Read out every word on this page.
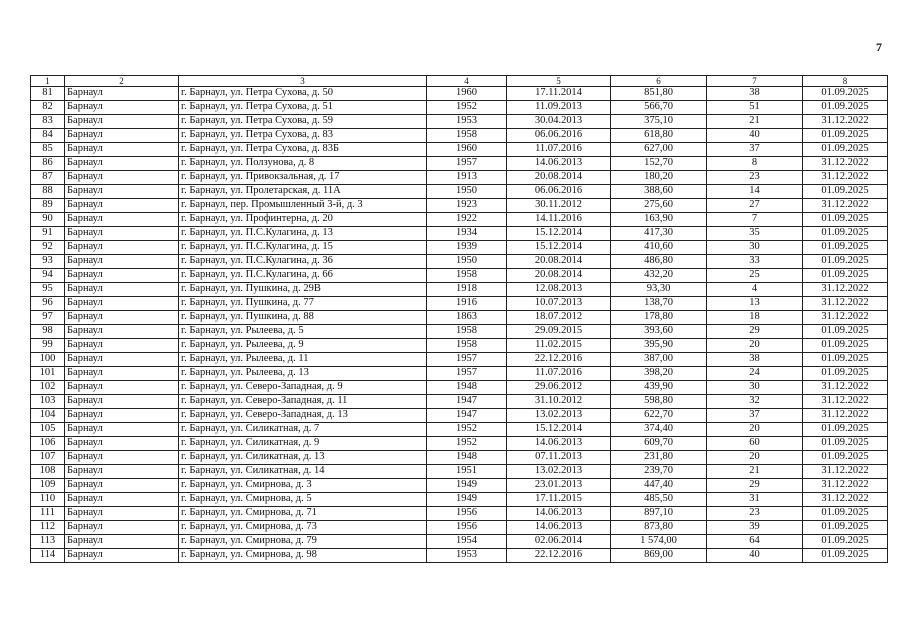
7
1	2	3	4	5	6	7	8
81	Барнаул	г. Барнаул, ул. Петра Сухова, д. 50	1960	17.11.2014	851,80	38	01.09.2025
82	Барнаул	г. Барнаул, ул. Петра Сухова, д. 51	1952	11.09.2013	566,70	51	01.09.2025
83	Барнаул	г. Барнаул, ул. Петра Сухова, д. 59	1953	30.04.2013	375,10	21	31.12.2022
84	Барнаул	г. Барнаул, ул. Петра Сухова, д. 83	1958	06.06.2016	618,80	40	01.09.2025
85	Барнаул	г. Барнаул, ул. Петра Сухова, д. 83Б	1960	11.07.2016	627,00	37	01.09.2025
86	Барнаул	г. Барнаул, ул. Ползунова, д. 8	1957	14.06.2013	152,70	8	31.12.2022
87	Барнаул	г. Барнаул, ул. Привокзальная, д. 17	1913	20.08.2014	180,20	23	31.12.2022
88	Барнаул	г. Барнаул, ул. Пролетарская, д. 11А	1950	06.06.2016	388,60	14	01.09.2025
89	Барнаул	г. Барнаул, пер. Промышленный 3-й, д. 3	1923	30.11.2012	275,60	27	31.12.2022
90	Барнаул	г. Барнаул, ул. Профинтерна, д. 20	1922	14.11.2016	163,90	7	01.09.2025
91	Барнаул	г. Барнаул, ул. П.С.Кулагина, д. 13	1934	15.12.2014	417,30	35	01.09.2025
92	Барнаул	г. Барнаул, ул. П.С.Кулагина, д. 15	1939	15.12.2014	410,60	30	01.09.2025
93	Барнаул	г. Барнаул, ул. П.С.Кулагина, д. 36	1950	20.08.2014	486,80	33	01.09.2025
94	Барнаул	г. Барнаул, ул. П.С.Кулагина, д. 66	1958	20.08.2014	432,20	25	01.09.2025
95	Барнаул	г. Барнаул, ул. Пушкина, д. 29В	1918	12.08.2013	93,30	4	31.12.2022
96	Барнаул	г. Барнаул, ул. Пушкина, д. 77	1916	10.07.2013	138,70	13	31.12.2022
97	Барнаул	г. Барнаул, ул. Пушкина, д. 88	1863	18.07.2012	178,80	18	31.12.2022
98	Барнаул	г. Барнаул, ул. Рылеева, д. 5	1958	29.09.2015	393,60	29	01.09.2025
99	Барнаул	г. Барнаул, ул. Рылеева, д. 9	1958	11.02.2015	395,90	20	01.09.2025
100	Барнаул	г. Барнаул, ул. Рылеева, д. 11	1957	22.12.2016	387,00	38	01.09.2025
101	Барнаул	г. Барнаул, ул. Рылеева, д. 13	1957	11.07.2016	398,20	24	01.09.2025
102	Барнаул	г. Барнаул, ул. Северо-Западная, д. 9	1948	29.06.2012	439,90	30	31.12.2022
103	Барнаул	г. Барнаул, ул. Северо-Западная, д. 11	1947	31.10.2012	598,80	32	31.12.2022
104	Барнаул	г. Барнаул, ул. Северо-Западная, д. 13	1947	13.02.2013	622,70	37	31.12.2022
105	Барнаул	г. Барнаул, ул. Силикатная, д. 7	1952	15.12.2014	374,40	20	01.09.2025
106	Барнаул	г. Барнаул, ул. Силикатная, д. 9	1952	14.06.2013	609,70	60	01.09.2025
107	Барнаул	г. Барнаул, ул. Силикатная, д. 13	1948	07.11.2013	231,80	20	01.09.2025
108	Барнаул	г. Барнаул, ул. Силикатная, д. 14	1951	13.02.2013	239,70	21	31.12.2022
109	Барнаул	г. Барнаул, ул. Смирнова, д. 3	1949	23.01.2013	447,40	29	31.12.2022
110	Барнаул	г. Барнаул, ул. Смирнова, д. 5	1949	17.11.2015	485,50	31	31.12.2022
111	Барнаул	г. Барнаул, ул. Смирнова, д. 71	1956	14.06.2013	897,10	23	01.09.2025
112	Барнаул	г. Барнаул, ул. Смирнова, д. 73	1956	14.06.2013	873,80	39	01.09.2025
113	Барнаул	г. Барнаул, ул. Смирнова, д. 79	1954	02.06.2014	1 574,00	64	01.09.2025
114	Барнаул	г. Барнаул, ул. Смирнова, д. 98	1953	22.12.2016	869,00	40	01.09.2025
